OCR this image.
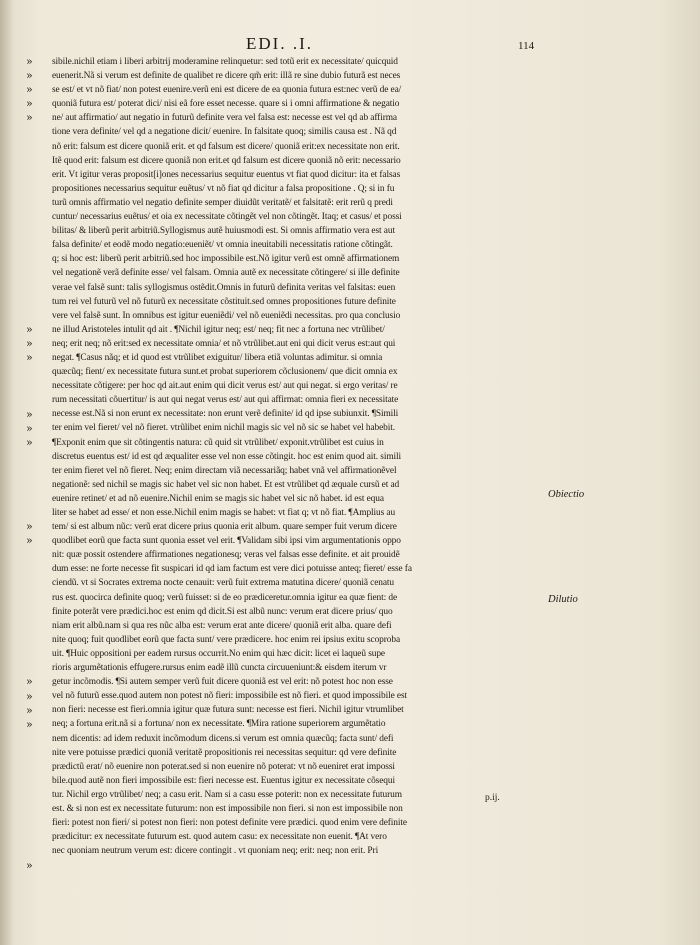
EDI. .I.	114
sibile.nichil etiam i liberi arbitrij moderamine relinquetur: sed totũ erit ex necessitate/ quicquid
euenerit.Nã si verum est definite de qualibet re dicere qm̃ erit: illã re sine dubio futurã est neces
se est/ et vt nõ fiat/ non potest euenire.verũ eni est dicere de ea quonia futura est:nec verũ de ea/
quoniã futura est/ poterat dici/ nisi eã fore esset necesse. quare si i omni affirmatione & negatio
ne/ aut affirmatio/ aut negatio in futurũ definite vera vel falsa est: necesse est vel qd ab affirma
tione vera definite/ vel qd a negatione dicit/ euenire. In falsitate quoq; similis causa est . Nã qd
nõ erit: falsum est dicere quoniã erit. et qd falsum est dicere/ quoniã erit:ex necessitate non erit.
Itẽ quod erit: falsum est dicere quoniã non erit.et qd falsum est dicere quoniã nõ erit: necessario
erit. Vt igitur veras proposit[i]ones necessarius sequitur euentus vt fiat quod dicitur: ita et falsas
propositiones necessarius sequitur euẽtus/ vt nõ fiat qd dicitur a falsa propositione . Q; si in fu
turũ omnis affirmatio vel negatio definite semper diuidũt veritatẽ/ et falsitatẽ: erit rerũ q predi
cuntur/ necessarius euẽtus/ et oia ex necessitate cõtingẽt vel non cõtingẽt. Itaq; et casus/ et possi
bilitas/ & liberũ perit arbitriũ.Syllogismus autẽ huiusmodi est. Si omnis affirmatio vera est aut
falsa definite/ et eodẽ modo negatio:eueniẽt/ vt omnia ineuitabili necessitatis ratione cõtingãt.
q; si hoc est: liberũ perit arbitriũ.sed hoc impossibile est.Nõ igitur verũ est omnẽ affirmationem
vel negationẽ verã definite esse/ vel falsam. Omnia autẽ ex necessitate cõtingere/ si ille definite
verae vel falsẽ sunt: talis syllogismus ostẽdit.Omnis in futurũ definita veritas vel falsitas: euen
tum rei vel futurũ vel nõ futurũ ex necessitate cõstituit.sed omnes propositiones future definite
vere vel falsẽ sunt. In omnibus est igitur eueniẽdi/ vel nõ eueniẽdi necessitas. pro qua conclusio
ne illud Aristoteles intulit qd ait . ¶Nichil igitur neq; est/ neq; fit nec a fortuna nec vtrũlibet/
neq; erit neq; nõ erit:sed ex necessitate omnia/ et nõ vtrũlibet.aut eni qui dicit verus est:aut qui
negat. ¶Casus nãq; et id quod est vtrũlibet exiguitur/ libera etiã voluntas adimitur. si omnia
quæcũq; fient/ ex necessitate futura sunt.et probat superiorem cõclusionem/ que dicit omnia ex
necessitate cõtigere: per hoc qd ait.aut enim qui dicit verus est/ aut qui negat. si ergo veritas/ re
rum necessitati cõuertitur/ is aut qui negat verus est/ aut qui affirmat: omnia fieri ex necessitate
necesse est.Nã si non erunt ex necessitate: non erunt verẽ definite/ id qd ipse subiunxit. ¶Simili
ter enim vel fieret/ vel nõ fieret. vtrũlibet enim nichil magis sic vel nõ sic se habet vel habebit.
¶Exponit enim que sit cõtingentis natura: cũ quid sit vtrũlibet/ exponit.vtrũlibet est cuius in
discretus euentus est/ id est qd æqualiter esse vel non esse cõtingit. hoc est enim quod ait. simili
ter enim fieret vel nõ fieret. Neq; enim directam viã necessariãq; habet vnã vel affirmationẽvel
negationẽ: sed nichil se magis sic habet vel sic non habet. Et est vtrũlibet qd æquale cursũ et ad
euenire retinet/ et ad nõ euenire.Nichil enim se magis sic habet vel sic nõ habet. id est equa
liter se habet ad esse/ et non esse.Nichil enim magis se habet: vt fiat q; vt nõ fiat. ¶Amplius au
tem/ si est album nũc: verũ erat dicere prius quonia erit album. quare semper fuit verum dicere
quodlibet eorũ que facta sunt quonia esset vel erit. ¶Validam sibi ipsi vim argumentationis oppo
nit: quæ possit ostendere affirmationes negationesq; veras vel falsas esse definite. et ait prouidẽ
dum esse: ne forte necesse fit suspicari id qd iam factum est vere dici potuisse anteq; fieret/ esse fa
ciendũ. vt si Socrates extrema nocte cenauit: verũ fuit extrema matutina dicere/ quoniã cenatu
rus est. quocirca definite quoq; verũ fuisset: si de eo prædiceretur.omnia igitur ea quæ fient: de
finite poterãt vere prædici.hoc est enim qd dicit.Si est albũ nunc: verum erat dicere prius/ quo
niam erit albũ.nam si qua res nũc alba est: verum erat ante dicere/ quoniã erit alba. quare defi
nite quoq; fuit quodlibet eorũ que facta sunt/ vere prædicere. hoc enim rei ipsius exitu scoproba
uit. ¶Huic oppositioni per eadem rursus occurrit.No enim qui hæc dicit: licet ei laqueũ supe
rioris argumẽtationis effugere.rursus enim eadẽ illũ cuncta circuueniunt:& eisdem iterum vr
getur incõmodis. ¶Si autem semper verũ fuit dicere quoniã est vel erit: nõ potest hoc non esse
vel nõ futurũ esse.quod autem non potest nõ fieri: impossibile est nõ fieri. et quod impossibile est
non fieri: necesse est fieri.omnia igitur quæ futura sunt: necesse est fieri. Nichil igitur vtrumlibet
neq; a fortuna erit.nã si a fortuna/ non ex necessitate. ¶Mira ratione superiorem argumẽtatio
nem dicentis: ad idem reduxit incõmodum dicens.si verum est omnia quæcũq; facta sunt/ defi
nite vere potuisse prædici quoniã veritatẽ propositionis rei necessitas sequitur: qd vere definite
prædictũ erat/ nõ euenire non poterat.sed si non euenire nõ poterat: vt nõ eueniret erat impossi
bile.quod autẽ non fieri impossibile est: fieri necesse est. Euentus igitur ex necessitate cõsequi
tur. Nichil ergo vtrũlibet/ neq; a casu erit. Nam si a casu esse poterit: non ex necessitate futurum
est. & si non est ex necessitate futurum: non est impossibile non fieri. si non est impossibile non
fieri: potest non fieri/ si potest non fieri: non potest definite vere prædici. quod enim vere definite
prædicitur: ex necessitate futurum est. quod autem casu: ex necessitate non euenit. ¶At vero
nec quoniam neutrum verum est: dicere contingit . vt quoniam neq; erit: neq; non erit. Pri
»
»
»
»
»
»
»
»
»
»
»
»
»
»
»
»
»
»
Obiectio
Dilutio
p.ij.
